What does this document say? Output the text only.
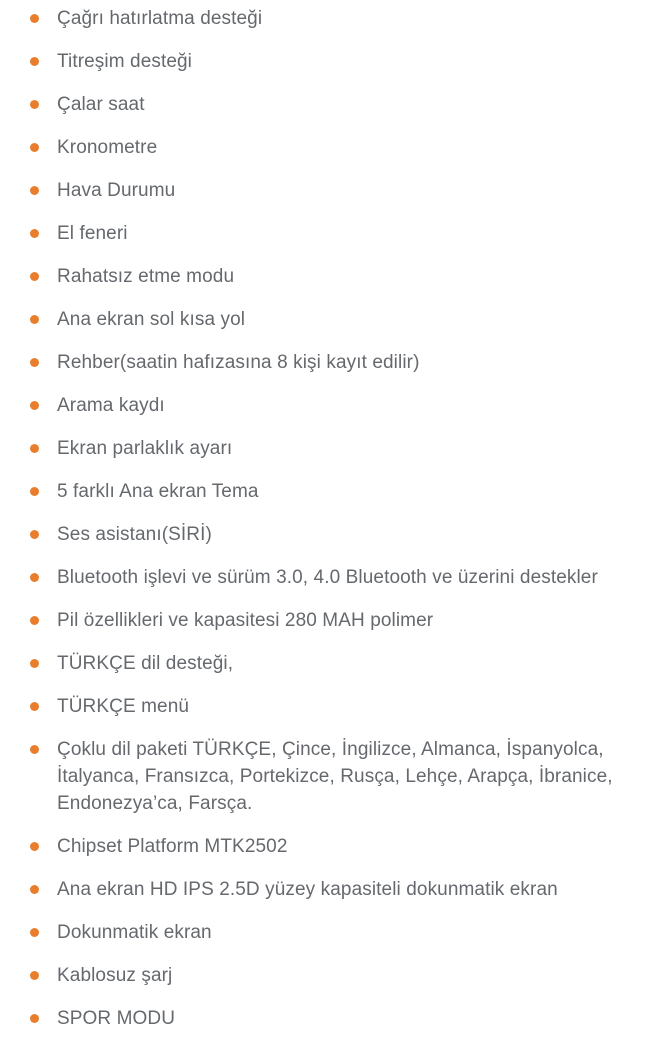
Çağrı hatırlatma desteği
Titreşim desteği
Çalar saat
Kronometre
Hava Durumu
El feneri
Rahatsız etme modu
Ana ekran sol kısa yol
Rehber(saatin hafızasına 8 kişi kayıt edilir)
Arama kaydı
Ekran parlaklık ayarı
5 farklı Ana ekran Tema
Ses asistanı(SİRİ)
Bluetooth işlevi ve sürüm 3.0, 4.0 Bluetooth ve üzerini destekler
Pil özellikleri ve kapasitesi 280 MAH polimer
TÜRKÇE dil desteği,
TÜRKÇE menü
Çoklu dil paketi TÜRKÇE, Çince, İngilizce, Almanca, İspanyolca, İtalyanca, Fransızca, Portekizce, Rusça, Lehçe, Arapça, İbranice, Endonezya’ca, Farsça.
Chipset Platform MTK2502
Ana ekran HD IPS 2.5D yüzey kapasiteli dokunmatik ekran
Dokunmatik ekran
Kablosuz şarj
SPOR MODU
